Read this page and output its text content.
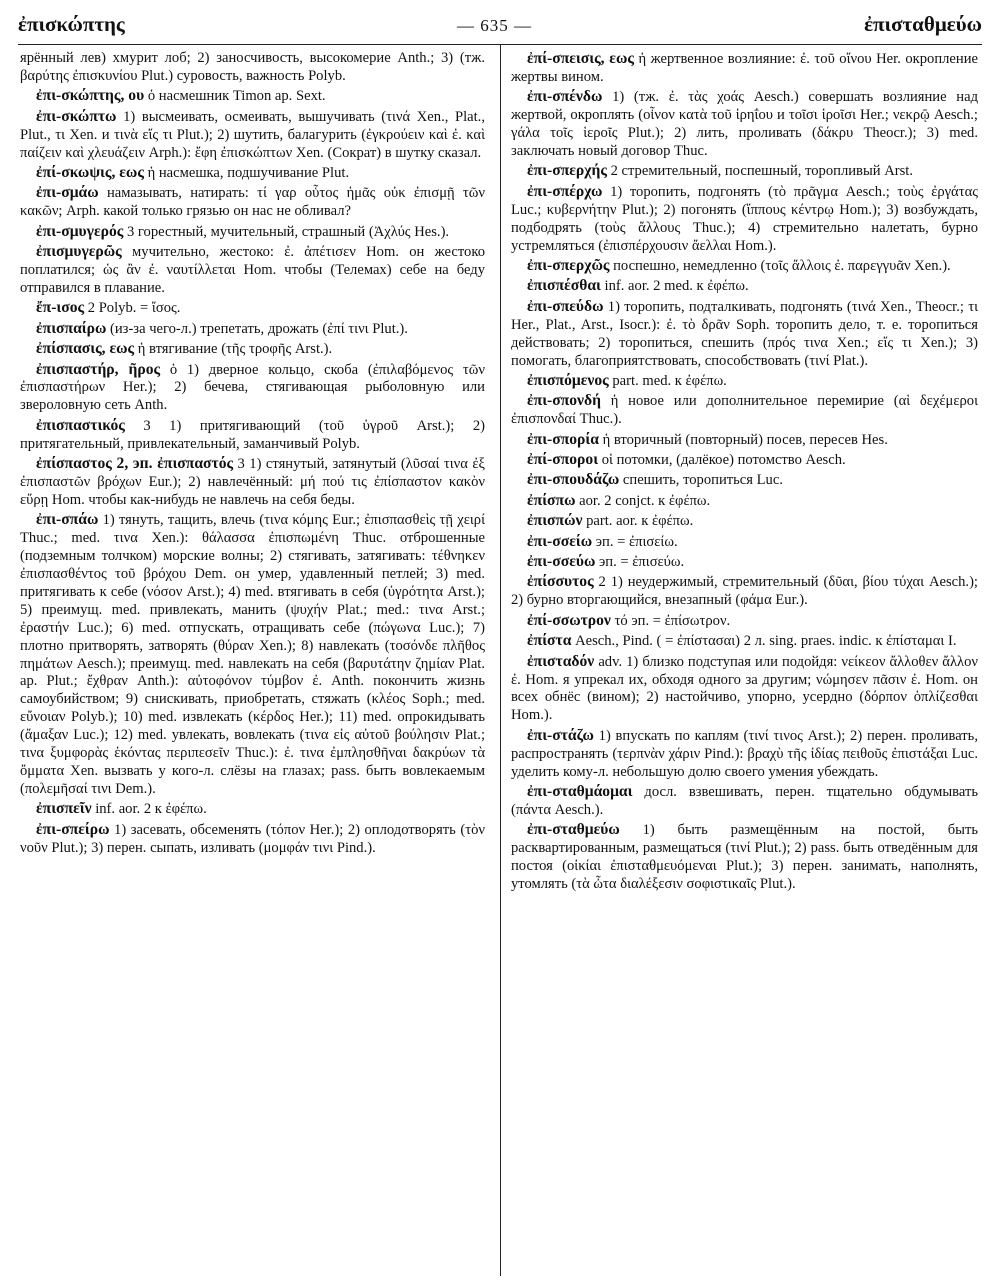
ἐπισκώπτης	— 635 —	ἐπισταθμεύω

ярённый лев) хмурит лоб; 2) заносчивость, высокомерие Anth.; 3) (тж. βαρύτης ἐπισκυνίου Plut.) суровость, важность Polyb.

ἐπι-σκώπτης, ου ὁ насмешник Timon ap. Sext.

ἐπι-σκώπτω 1) высмеивать, осмеивать, вышучивать (τινά Xen., Plat., Plut., τι Xen. и τινὰ εἴς τι Plut.); 2) шутить, балагурить (ἐγκρούειν καὶ ἐ. καὶ παίζειν καὶ χλευάζειν Arph.): ἔφη ἐπισκώπτων Xen. (Сократ) в шутку сказал.

ἐπί-σκωψις, εως ἡ насмешка, подшучивание Plut.

ἐπι-σμάω намазывать, натирать: τί γαρ οὗτος ἡμᾶς οὐκ ἐπισμῇ τῶν κακῶν; Arph. какой только грязью он нас не обливал?

ἐπι-σμυγερός 3 горестный, мучительный, страшный (Ἀχλύς Hes.).

ἐπισμυγερῶς мучительно, жестоко: ἐ. ἀπέτισεν Hom. он жестоко поплатился; ὡς ἂν ἐ. ναυτίλλεται Hom. чтобы (Телемах) себе на беду отправился в плавание.

ἔπ-ισος 2 Polyb. = ἴσος.

ἐπισπαίρω (из-за чего-л.) трепетать, дрожать (ἐπί τινι Plut.).

ἐπίσπασις, εως ἡ втягивание (τῆς τροφῆς Arst.).

ἐπισπαστήρ, ῆρος ὁ 1) дверное кольцо, скоба (ἐπιλαβόμενος τῶν ἐπισπαστήρων Her.); 2) бечева, стягивающая рыболовную или звероловную сеть Anth.

ἐπισπαστικός 3 1) притягивающий (τοῦ ὑγροῦ Arst.); 2) притягательный, привлекательный, заманчивый Polyb.

ἐπίσπαστος 2, эп. ἐπισπαστός 3 1) стянутый, затянутый (λῦσαί τινα ἐξ ἐπισπαστῶν βρόχων Eur.); 2) навлечённый: μή πού τις ἐπίσπαστον κακὸν εὕρῃ Hom. чтобы как-нибудь не навлечь на себя беды.

ἐπι-σπάω 1) тянуть, тащить, влечь (τινα κόμης Eur.; ἐπισπασθεὶς τῇ χειρί Thuc.; med. τινα Xen.): θάλασσα ἐπισπωμένη Thuc. отброшенные (подземным толчком) морские волны; 2) стягивать, затягивать: τέθνηκεν ἐπισπασθέντος τοῦ βρόχου Dem. он умер, удавленный петлей; 3) med. притягивать к себе (νόσον Arst.); 4) med. втягивать в себя (ὑγρότητα Arst.); 5) преимущ. med. привлекать, манить (ψυχήν Plat.; med.: τινα Arst.; ἐραστήν Luc.); 6) med. отпускать, отращивать себе (πώγωνα Luc.); 7) плотно притворять, затворять (θύραν Xen.); 8) навлекать (τοσόνδε πλῆθος πημάτων Aesch.); преимущ. med. навлекать на себя (βαρυτάτην ζημίαν Plat. ap. Plut.; ἔχθραν Anth.): αὐτοφόνον τύμβον ἐ. Anth. покончить жизнь самоубийством; 9) снискивать, приобретать, стяжать (κλέος Soph.; med. εὔνοιαν Polyb.); 10) med. извлекать (κέρδος Her.); 11) med. опрокидывать (ἄμαξαν Luc.); 12) med. увлекать, вовлекать (τινα εἰς αὐτοῦ βούλησιν Plat.; τινα ξυμφορὰς ἑκόντας περιπεσεῖν Thuc.): ἐ. τινα ἐμπλησθῆναι δακρύων τὰ ὄμματα Xen. вызвать у кого-л. слёзы на глазах; pass. быть вовлекаемым (πολεμῆσαί τινι Dem.).

ἐπισπεῖν inf. aor. 2 к ἐφέπω.

ἐπι-σπείρω 1) засевать, обсеменять (τόπον Her.); 2) оплодотворять (τὸν νοῦν Plut.); 3) перен. сыпать, изливать (μομφάν τινι Pind.).

ἐπί-σπεισις, εως ἡ жертвенное возлияние: ἐ. τοῦ οἴνου Her. окропление жертвы вином.

ἐπι-σπένδω 1) (тж. ἐ. τὰς χοάς Aesch.) совершать возлияние над жертвой, окроплять (οἶνον κατὰ τοῦ ἱρηΐου и τοῖσι ἱροῖσι Her.; νεκρῷ Aesch.; γάλα τοῖς ἱεροῖς Plut.); 2) лить, проливать (δάκρυ Theocr.); 3) med. заключать новый договор Thuc.

ἐπι-σπερχής 2 стремительный, поспешный, торопливый Arst.

ἐπι-σπέρχω 1) торопить, подгонять (τὸ πρᾶγμα Aesch.; τοὺς ἐργάτας Luc.; κυβερνήτην Plut.); 2) погонять (ἵππους κέντρῳ Hom.); 3) возбуждать, подбодрять (τοὺς ἄλλους Thuc.); 4) стремительно налетать, бурно устремляться (ἐπισπέρχουσιν ἄελλαι Hom.).

ἐπι-σπερχῶς поспешно, немедленно (τοῖς ἄλλοις ἐ. παρεγγυᾶν Xen.).

ἐπισπέσθαι inf. aor. 2 med. к ἐφέπω.

ἐπι-σπεύδω 1) торопить, подталкивать, подгонять (τινά Xen., Theocr.; τι Her., Plat., Arst., Isocr.): ἐ. τὸ δρᾶν Soph. торопить дело, т. е. торопиться действовать; 2) торопиться, спешить (πρός τινα Xen.; εἴς τι Xen.); 3) помогать, благоприятствовать, способствовать (τινί Plat.).

ἐπισπόμενος part. med. к ἐφέπω.

ἐπι-σπονδή ἡ новое или дополнительное перемирие (αἱ δεχέμεροι ἐπισπονδαί Thuc.).

ἐπι-σπορία ἡ вторичный (повторный) посев, пересев Hes.

ἐπί-σποροι οἱ потомки, (далёкое) потомство Aesch.

ἐπι-σπουδάζω спешить, торопиться Luc.

ἐπίσπω aor. 2 conjct. к ἐφέπω.

ἐπισπών part. aor. к ἐφέπω.

ἐπι-σσείω эп. = ἐπισείω.

ἐπι-σσεύω эп. = ἐπισεύω.

ἐπίσσυτος 2 1) неудержимый, стремительный (δῦαι, βίου τύχαι Aesch.); 2) бурно вторгающийся, внезапный (φάμα Eur.).

ἐπί-σσωτρον τό эп. = ἐπίσωτρον.

ἐπίστα Aesch., Pind. ( = ἐπίστασαι) 2 л. sing. praes. indic. к ἐπίσταμαι I.

ἐπισταδόν adv. 1) близко подступая или подойдя: νείκεον ἄλλοθεν ἄλλον ἐ. Hom. я упрекал их, обходя одного за другим; νώμησεν πᾶσιν ἐ. Hom. он всех обнёс (вином); 2) настойчиво, упорно, усердно (δόρπον ὁπλίζεσθαι Hom.).

ἐπι-στάζω 1) впускать по каплям (τινί τινος Arst.); 2) перен. проливать, распространять (τερπνὰν χάριν Pind.): βραχὺ τῆς ἰδίας πειθοῦς ἐπιστάξαι Luc. уделить кому-л. небольшую долю своего умения убеждать.

ἐπι-σταθμάομαι досл. взвешивать, перен. тщательно обдумывать (πάντα Aesch.).

ἐπι-σταθμεύω 1) быть размещённым на постой, быть расквартированным, размещаться (τινί Plut.); 2) pass. быть отведённым для постоя (οἰκίαι ἐπισταθμευόμεναι Plut.); 3) перен. занимать, наполнять, утомлять (τὰ ὦτα διαλέξεσιν σοφιστικαῖς Plut.).
